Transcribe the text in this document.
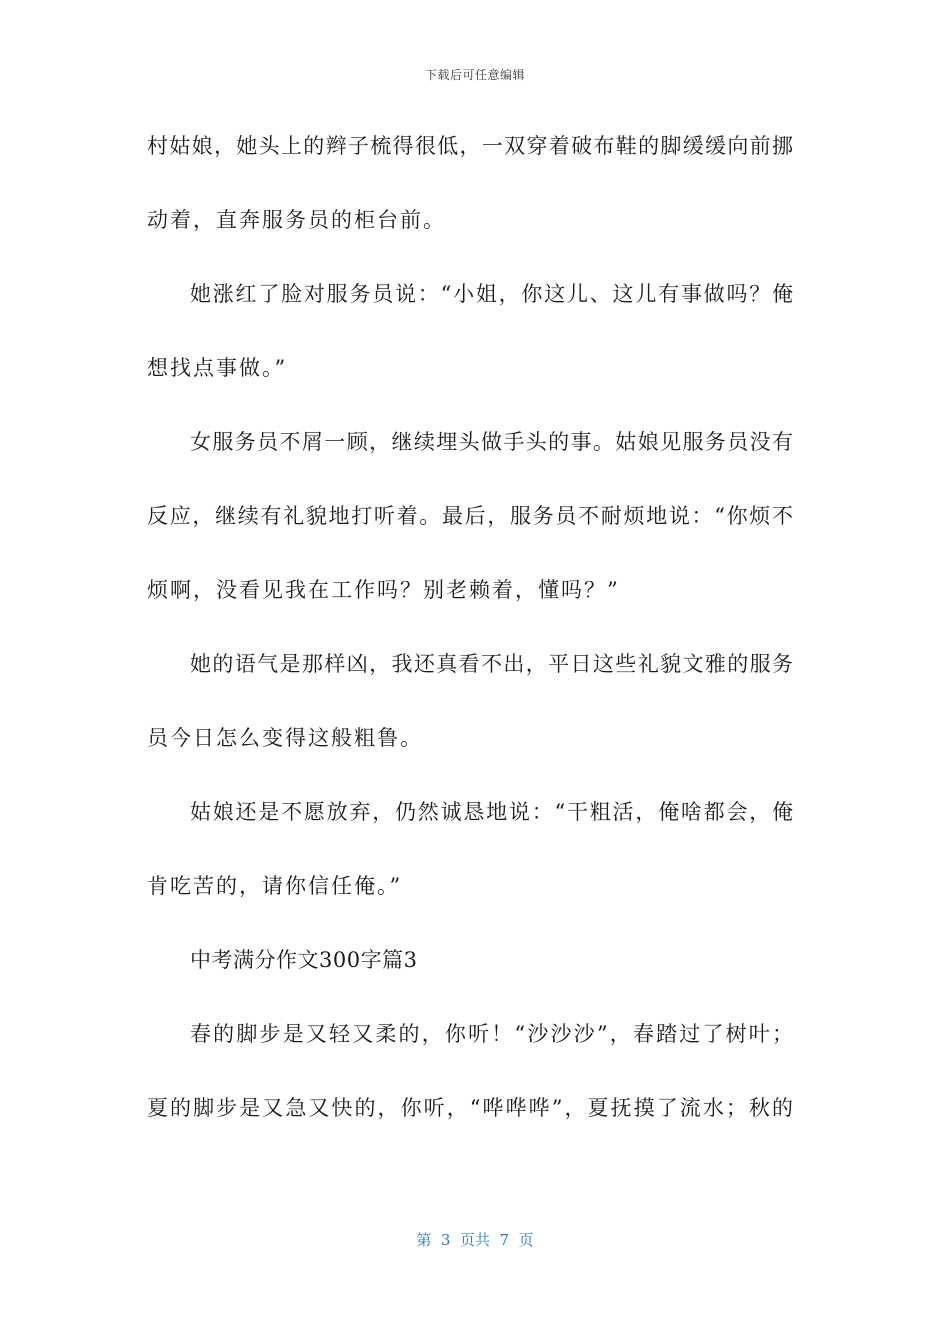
下载后可任意编辑
村姑娘，她头上的辫子梳得很低，一双穿着破布鞋的脚缓缓向前挪
动着，直奔服务员的柜台前。
她涨红了脸对服务员说：“小姐，你这儿、这儿有事做吗？俺
想找点事做。”
女服务员不屑一顾，继续埋头做手头的事。姑娘见服务员没有
反应，继续有礼貌地打听着。最后，服务员不耐烦地说：“你烦不
烦啊，没看见我在工作吗？别老赖着，懂吗？”
她的语气是那样凶，我还真看不出，平日这些礼貌文雅的服务
员今日怎么变得这般粗鲁。
姑娘还是不愿放弃，仍然诚恳地说：“干粗活，俺啥都会，俺
肯吃苦的，请你信任俺。”
中考满分作文300字篇3
春的脚步是又轻又柔的，你听！“沙沙沙”，春踏过了树叶；
夏的脚步是又急又快的，你听，“哗哗哗”，夏抚摸了流水；秋的
第  3  页共  7  页
